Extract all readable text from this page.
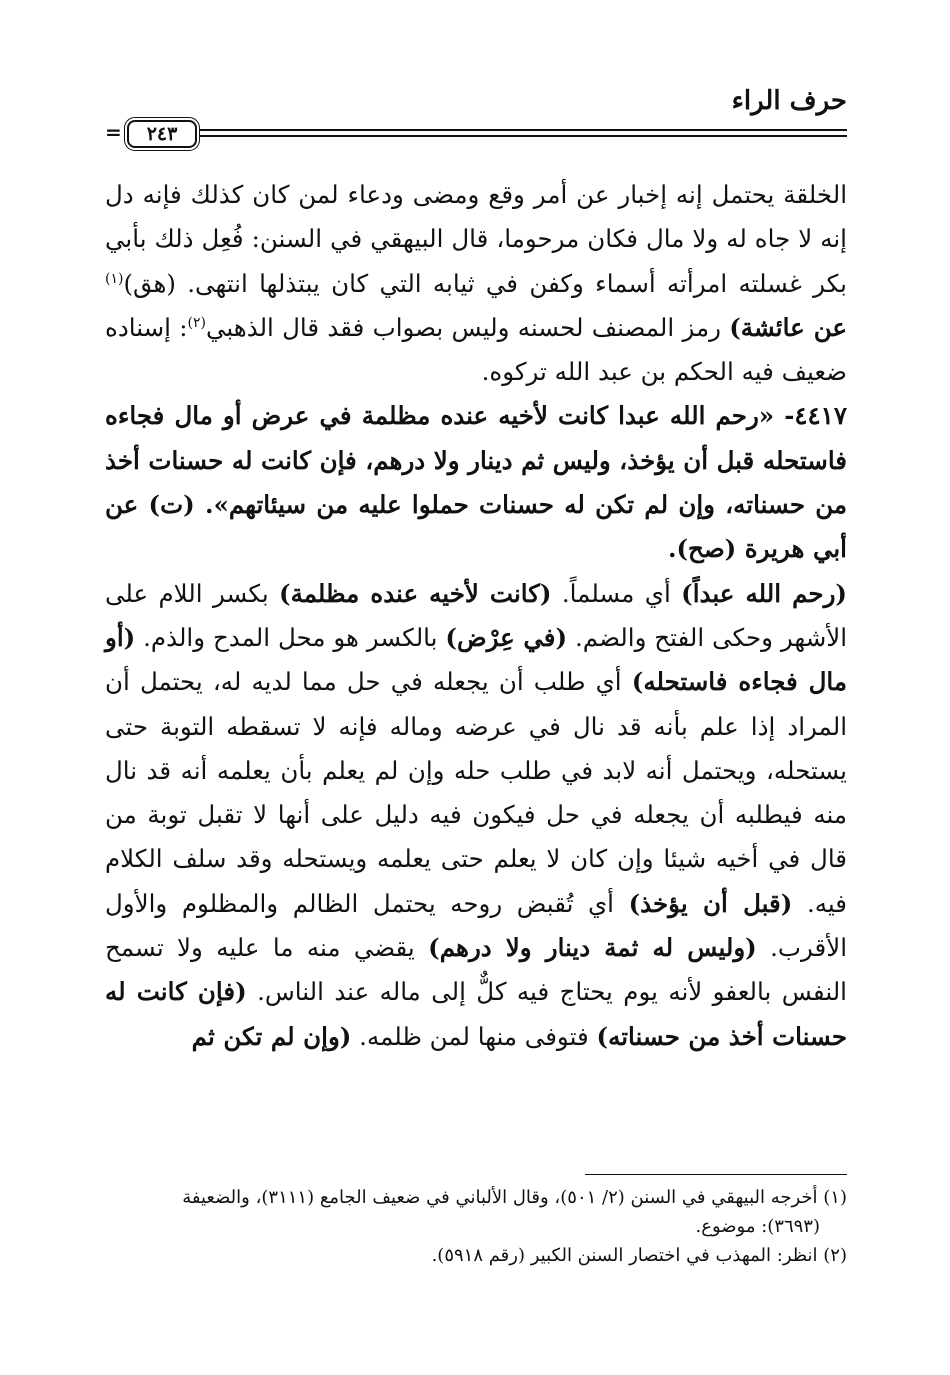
حرف الراء
= ٢٤٣

الخلقة يحتمل إنه إخبار عن أمر وقع ومضى ودعاء لمن كان كذلك فإنه دل إنه لا جاه له ولا مال فكان مرحوما، قال البيهقي في السنن: فُعِل ذلك بأبي بكر غسلته امرأته أسماء وكفن في ثيابه التي كان يبتذلها انتهى. (هق)$^{(١)}$ عن عائشة) رمز المصنف لحسنه وليس بصواب فقد قال الذهبي$^{(٢)}$: إسناده ضعيف فيه الحكم بن عبد الله تركوه.

٤٤١٧- «رحم الله عبدا كانت لأخيه عنده مظلمة في عرض أو مال فجاءه فاستحله قبل أن يؤخذ، وليس ثم دينار ولا درهم، فإن كانت له حسنات أخذ من حسناته، وإن لم تكن له حسنات حملوا عليه من سيئاتهم». (ت) عن أبي هريرة (صح).

(رحم الله عبداً) أي مسلماً. (كانت لأخيه عنده مظلمة) بكسر اللام على الأشهر وحكى الفتح والضم. (في عِرْض) بالكسر هو محل المدح والذم. (أو مال فجاءه فاستحله) أي طلب أن يجعله في حل مما لديه له، يحتمل أن المراد إذا علم بأنه قد نال في عرضه وماله فإنه لا تسقطه التوبة حتى يستحله، ويحتمل أنه لابد في طلب حله وإن لم يعلم بأن يعلمه أنه قد نال منه فيطلبه أن يجعله في حل فيكون فيه دليل على أنها لا تقبل توبة من قال في أخيه شيئا وإن كان لا يعلم حتى يعلمه ويستحله وقد سلف الكلام فيه. (قبل أن يؤخذ) أي تُقبض روحه يحتمل الظالم والمظلوم والأول الأقرب. (وليس له ثمة دينار ولا درهم) يقضي منه ما عليه ولا تسمح النفس بالعفو لأنه يوم يحتاج فيه كلٌّ إلى ماله عند الناس. (فإن كانت له حسنات أخذ من حسناته) فتوفى منها لمن ظلمه. (وإن لم تكن ثم

(١) أخرجه البيهقي في السنن (٢/ ٥٠١)، وقال الألباني في ضعيف الجامع (٣١١١)، والضعيفة

(٣٦٩٣): موضوع.

(٢) انظر: المهذب في اختصار السنن الكبير (رقم ٥٩١٨).
